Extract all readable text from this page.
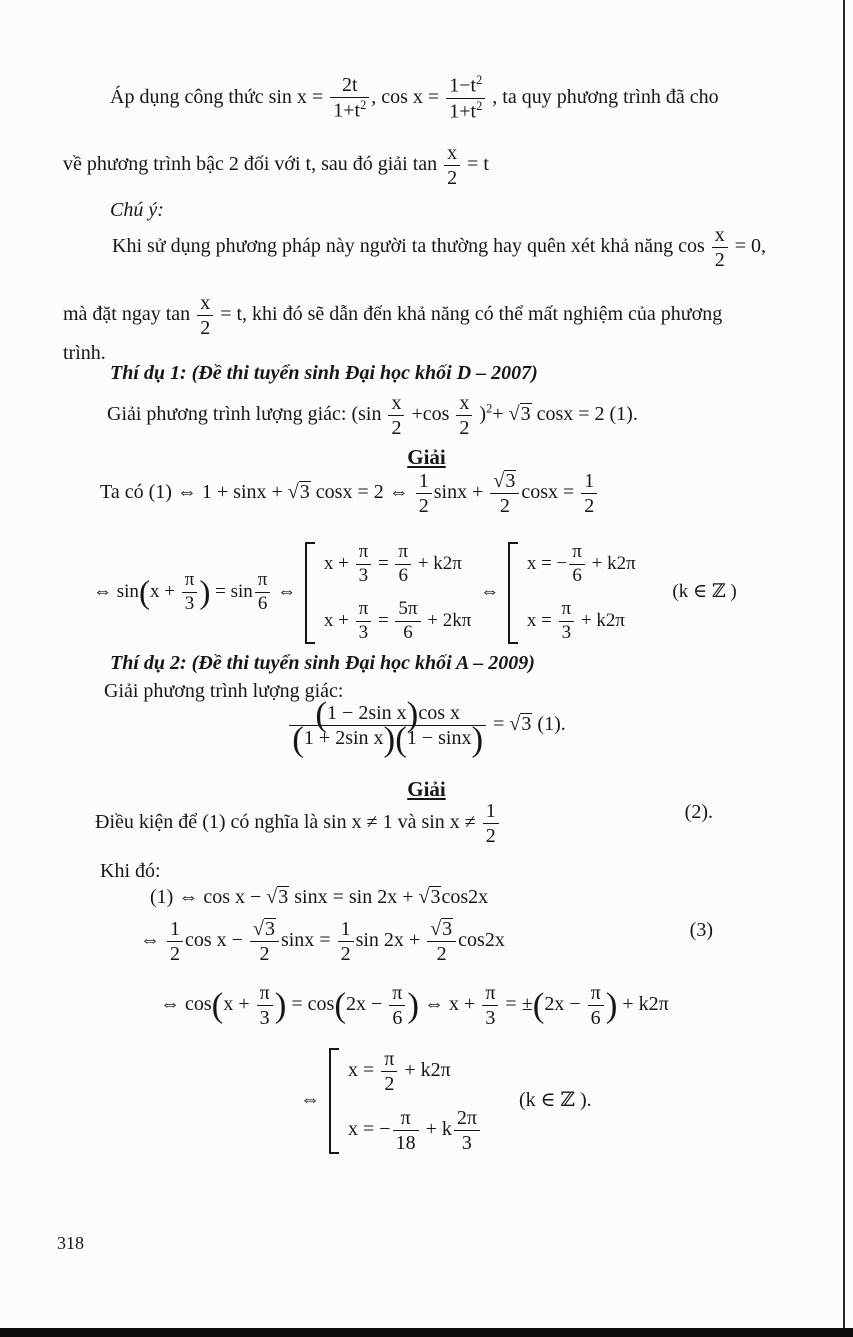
Áp dụng công thức $\sin x = \frac{2t}{1+t^2}$ , $\cos x = \frac{1-t^2}{1+t^2}$ , ta quy phương trình đã cho
về phương trình bậc 2 đối với t, sau đó giải $\tan \frac{x}{2} = t$
Chú ý:
Khi sử dụng phương pháp này người ta thường hay quên xét khả năng $\cos \frac{x}{2} = 0$,
mà đặt ngay $\tan \frac{x}{2} = t$, khi đó sẽ dẫn đến khả năng có thể mất nghiệm của phương
trình.
Thí dụ 1: (Đề thi tuyển sinh Đại học khối D – 2007)
Giải phương trình lượng giác: $(\sin \frac{x}{2} +\cos \frac{x}{2} )^2+ √3$ cosx = 2 (1).
Giải
Ta có (1) ⇔ 1 + sinx + √3 cosx = 2 ⇔ $\frac{1}{2}$ $\sin x + \frac{√3}{2}$ $\cos x = \frac{1}{2}$
⇔ $\sin(x + \frac{\pi}{3}$ ) = $\sin \frac{\pi}{6}$ ⇔
$x + \frac{\pi}{3} = \frac{\pi}{6} + k2\pi$
$x + \frac{\pi}{3} = \frac{5\pi}{6} + 2k\pi$
⇔
x = − $\frac{\pi}{6} + k2\pi$
$x = \frac{\pi}{3} + k2\pi$
(k ∈ ℤ )
Thí dụ 2: (Đề thi tuyển sinh Đại học khối A – 2009)
Giải phương trình lượng giác:
$\frac{\text{(1 − 2sin x)cos x}}{\text{(1 + 2sin x)(1 − sinx)}} = √3$ (1).
Giải
Điều kiện để (1) có nghĩa là sin x ≠ 1 và $\sin x \ne \frac{1}{2}$	(2).
Khi đó:
(1) ⇔ cos x − √3 sinx = sin 2x + √3cos2x
⇔ $\frac{1}{2}$ $\cos x - \frac{√3}{2}$ $\sin x = \frac{1}{2}$ $\sin 2x + \frac{√3}{2} \cos 2x$	(3)
⇔ $\cos(x + \frac{\pi}{3}$ ) = $\cos(2x - \frac{\pi}{6}$ ) ⇔ $x + \frac{\pi}{3} = \pm(2x - \frac{\pi}{6}$ ) + k2π
⇔
$x = \frac{\pi}{2} + k2\pi$
x = − $\frac{\pi}{18} + k \frac{2\pi}{3}$
(k ∈ ℤ ).
318
